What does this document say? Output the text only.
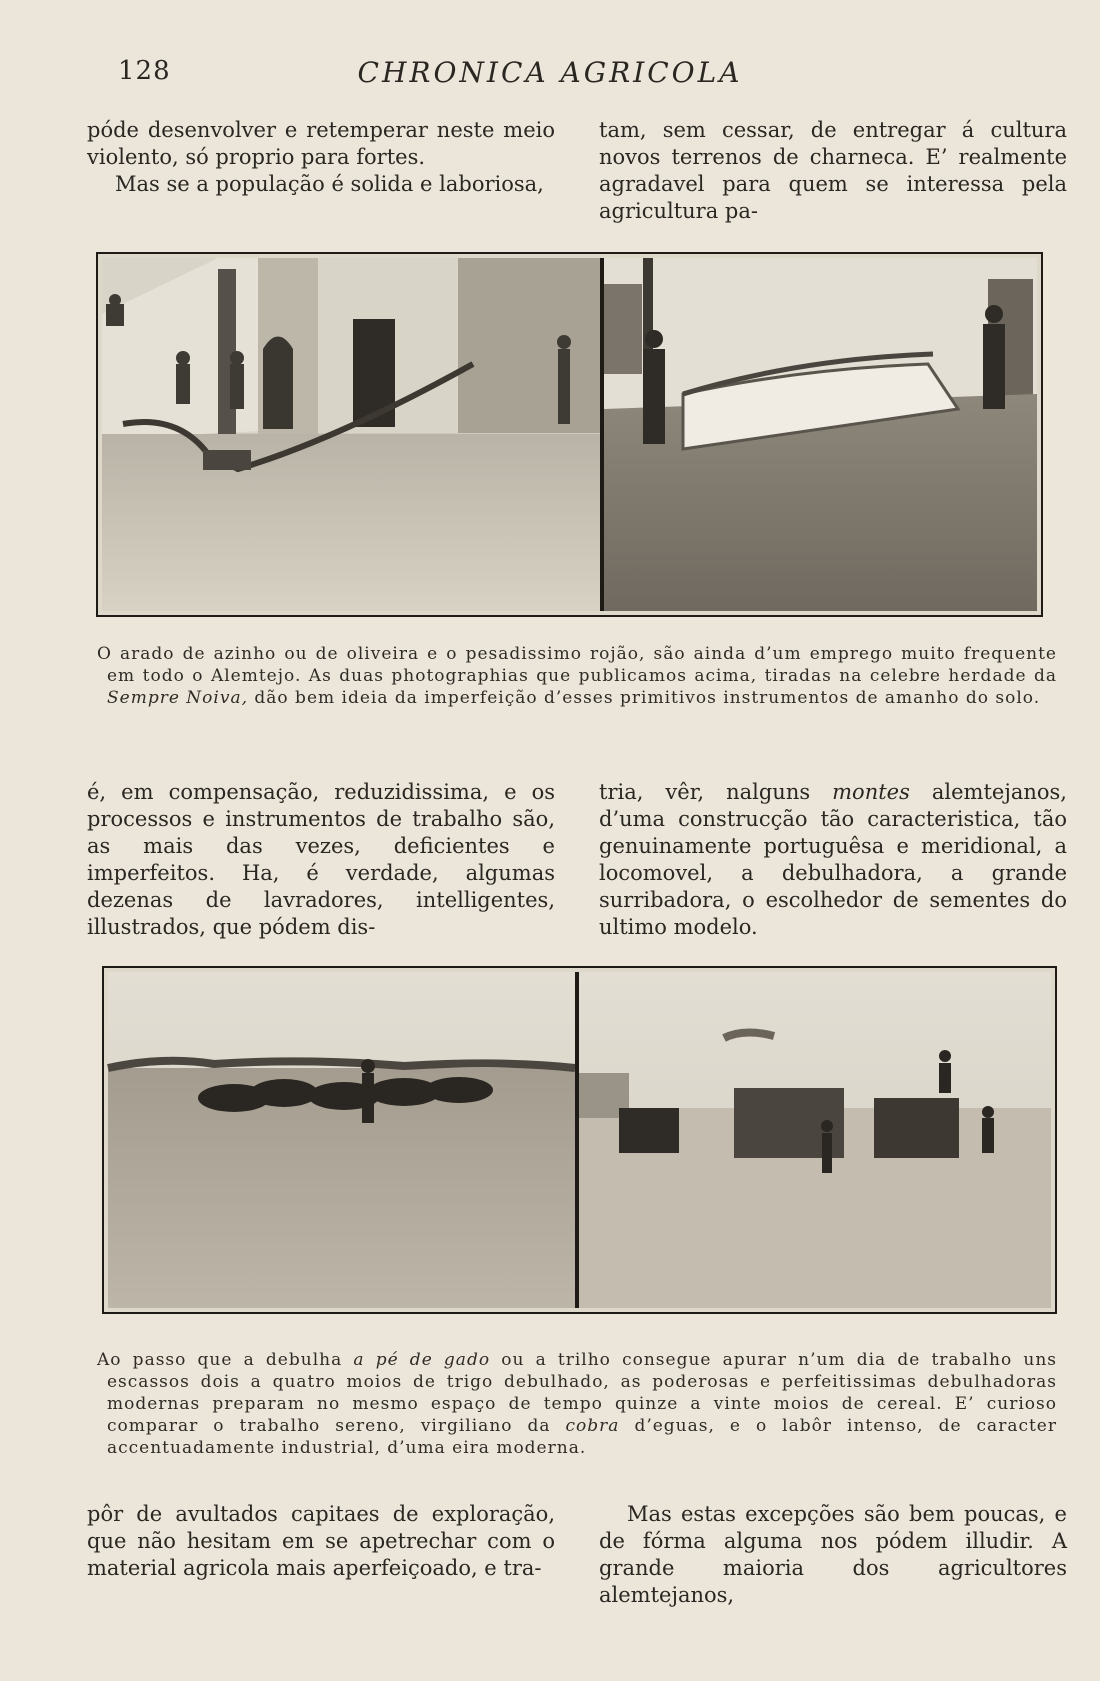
128	CHRONICA AGRICOLA

póde desenvolver e retemperar neste meio violento, só proprio para fortes.

Mas se a população é solida e laboriosa,

tam, sem cessar, de entregar á cultura novos terrenos de charneca. E’ realmente agradavel para quem se interessa pela agricultura pa-

O arado de azinho ou de oliveira e o pesadissimo rojão, são ainda d’um emprego muito frequente em todo o Alemtejo. As duas photographias que publicamos acima, tiradas na celebre herdade da Sempre Noiva, dão bem ideia da imperfeição d’esses primitivos instrumentos de amanho do solo.

é, em compensação, reduzidissima, e os processos e instrumentos de trabalho são, as mais das vezes, deficientes e imperfeitos. Ha, é verdade, algumas dezenas de lavradores, intelligentes, illustrados, que pódem dis-

tria, vêr, nalguns montes alemtejanos, d’uma construcção tão caracteristica, tão genuinamente portuguêsa e meridional, a locomovel, a debulhadora, a grande surribadora, o escolhedor de sementes do ultimo modelo.

Ao passo que a debulha a pé de gado ou a trilho consegue apurar n’um dia de trabalho uns escassos dois a quatro moios de trigo debulhado, as poderosas e perfeitissimas debulhadoras modernas preparam no mesmo espaço de tempo quinze a vinte moios de cereal. E’ curioso comparar o trabalho sereno, virgiliano da cobra d’eguas, e o labôr intenso, de caracter accentuadamente industrial, d’uma eira moderna.

pôr de avultados capitaes de exploração, que não hesitam em se apetrechar com o material agricola mais aperfeiçoado, e tra-

Mas estas excepções são bem poucas, e de fórma alguma nos pódem illudir. A grande maioria dos agricultores alemtejanos,
